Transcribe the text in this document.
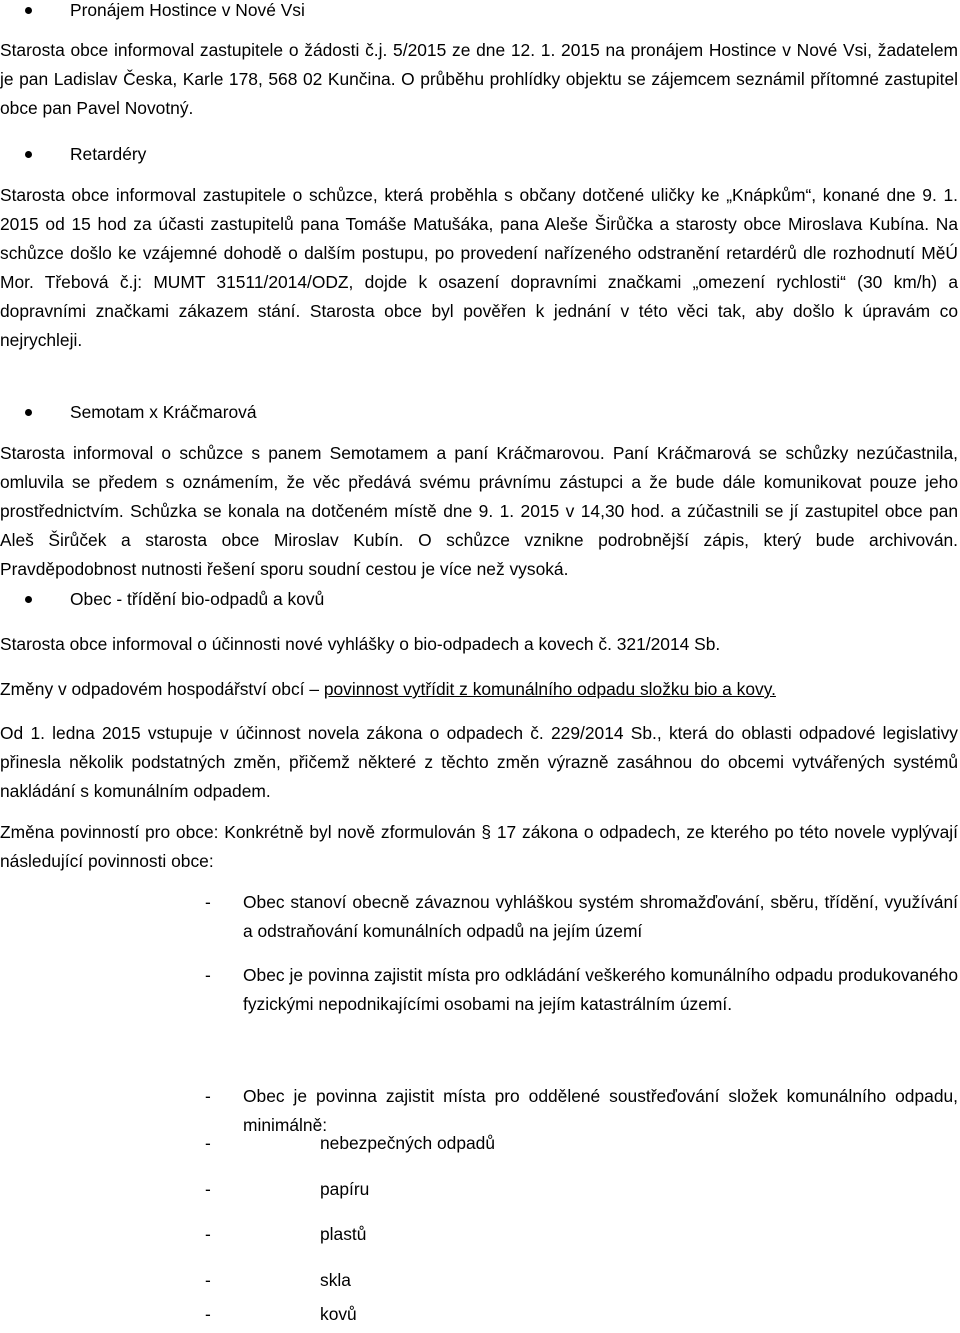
Pronájem Hostince v Nové Vsi

Starosta obce informoval zastupitele o žádosti č.j. 5/2015 ze dne 12. 1. 2015 na pronájem Hostince v Nové Vsi, žadatelem je pan Ladislav Česka, Karle 178, 568 02 Kunčina. O průběhu prohlídky objektu se zájemcem seznámil přítomné zastupitel obce pan Pavel Novotný.

Retardéry

Starosta obce informoval zastupitele o schůzce, která proběhla s občany dotčené uličky ke „Knápkům“, konané dne 9. 1. 2015 od 15 hod za účasti zastupitelů pana Tomáše Matušáka, pana Aleše Širůčka a starosty obce Miroslava Kubína. Na schůzce došlo ke vzájemné dohodě o dalším postupu, po provedení nařízeného odstranění retardérů dle rozhodnutí MěÚ Mor. Třebová č.j: MUMT 31511/2014/ODZ, dojde k osazení dopravními značkami „omezení rychlosti“ (30 km/h) a dopravními značkami zákazem stání. Starosta obce byl pověřen k jednání v této věci tak, aby došlo k úpravám co nejrychleji.

Semotam x Kráčmarová

Starosta informoval o schůzce s panem Semotamem a paní Kráčmarovou. Paní Kráčmarová se schůzky nezúčastnila, omluvila se předem s oznámením, že věc předává svému právnímu zástupci a že bude dále komunikovat pouze jeho prostřednictvím. Schůzka se konala na dotčeném místě dne 9. 1. 2015 v 14,30 hod. a zúčastnili se jí zastupitel obce pan Aleš Širůček a starosta obce Miroslav Kubín. O schůzce vznikne podrobnější zápis, který bude archivován. Pravděpodobnost nutnosti řešení sporu soudní cestou je více než vysoká.

Obec - třídění bio-odpadů a kovů

Starosta obce informoval o účinnosti nové vyhlášky o bio-odpadech a kovech č. 321/2014 Sb.

Změny v odpadovém hospodářství obcí – povinnost vytřídit z komunálního odpadu složku bio a kovy.

Od 1. ledna 2015 vstupuje v účinnost novela zákona o odpadech č. 229/2014 Sb., která do oblasti odpadové legislativy přinesla několik podstatných změn, přičemž některé z těchto změn výrazně zasáhnou do obcemi vytvářených systémů nakládání s komunálním odpadem.

Změna povinností pro obce: Konkrétně byl nově zformulován § 17 zákona o odpadech, ze kterého po této novele vyplývají následující povinnosti obce:

- Obec stanoví obecně závaznou vyhláškou systém shromažďování, sběru, třídění, využívání a odstraňování komunálních odpadů na jejím území
- Obec je povinna zajistit místa pro odkládání veškerého komunálního odpadu produkovaného fyzickými nepodnikajícími osobami na jejím katastrálním území.
- Obec je povinna zajistit místa pro oddělené soustřeďování složek komunálního odpadu, minimálně:
-	nebezpečných odpadů
-	papíru
-	plastů
-	skla
-	kovů
